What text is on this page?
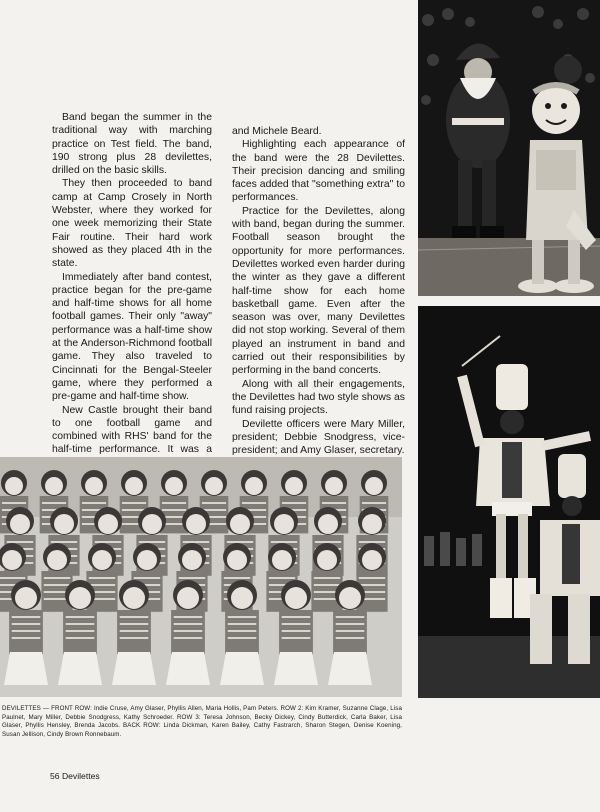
Band began the summer in the traditional way with marching practice on Test field. The band, 190 strong plus 28 devilettes, drilled on the basic skills.

They then proceeded to band camp at Camp Crosely in North Webster, where they worked for one week memorizing their State Fair routine. Their hard work showed as they placed 4th in the state.

Immediately after band contest, practice began for the pre-game and half-time shows for all home football games. Their only "away" performance was a half-time show at the Anderson-Richmond football game. They also traveled to Cincinnati for the Bengal-Steeler game, where they performed a pre-game and half-time show.

New Castle brought their band to one football game and combined with RHS' band for the half-time performance. It was a

and Michele Beard.

Highlighting each appearance of the band were the 28 Devilettes. Their precision dancing and smiling faces added that "something extra" to performances.

Practice for the Devilettes, along with band, began during the summer. Football season brought the opportunity for more performances. Devilettes worked even harder during the winter as they gave a different half-time show for each home basketball game. Even after the season was over, many Devilettes did not stop working. Several of them played an instrument in band and carried out their responsibilities by performing in the band concerts.

Along with all their engagements, the Devilettes had two style shows as fund raising projects.

Devilette officers were Mary Miller, president; Debbie Snodgress, vice-president; and Amy Glaser, secretary.

DEVILETTES — FRONT ROW: Indie Cruse, Amy Glaser, Phyllis Allen, Maria Hollis, Pam Peters. ROW 2: Kim Kramer, Suzanne Clage, Lisa Paulnet, Mary Miller, Debbie Snodgress, Kathy Schroeder. ROW 3: Teresa Johnson, Becky Dickey, Cindy Butterdick, Carla Baker, Lisa Glaser, Phyllis Hensley, Brenda Jacobs. BACK ROW: Linda Dickman, Karen Bailey, Cathy Fastrarch, Sharon Stegen, Denise Koening, Susan Jellison, Cindy Brown Ronnebaum.
56 Devilettes
